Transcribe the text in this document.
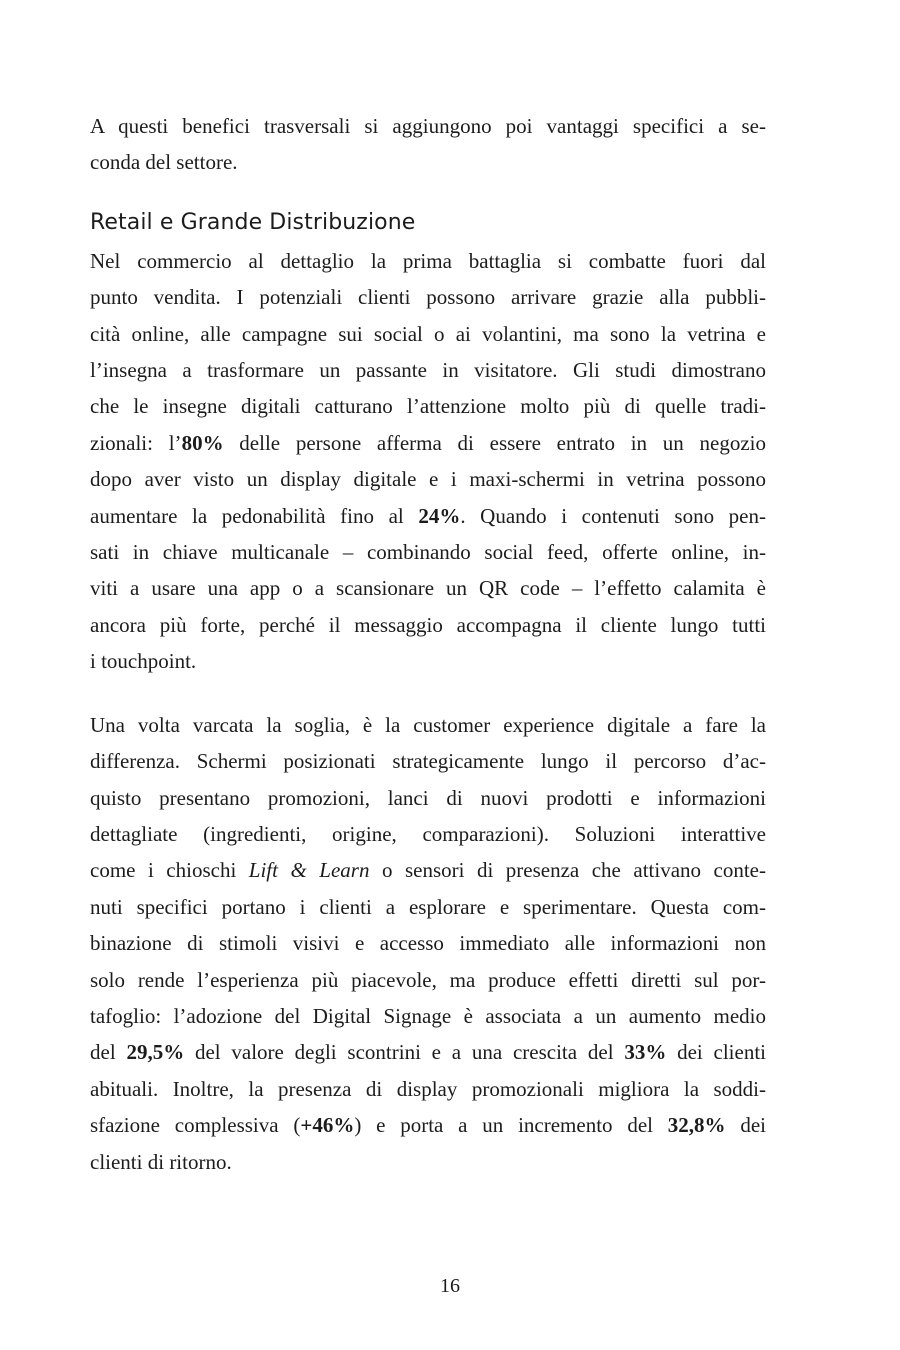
A questi benefici trasversali si aggiungono poi vantaggi specifici a se-
conda del settore.

Retail e Grande Distribuzione

Nel commercio al dettaglio la prima battaglia si combatte fuori dal
punto vendita. I potenziali clienti possono arrivare grazie alla pubbli-
cità online, alle campagne sui social o ai volantini, ma sono la vetrina e
l’insegna a trasformare un passante in visitatore. Gli studi dimostrano
che le insegne digitali catturano l’attenzione molto più di quelle tradi-
zionali: l’80% delle persone afferma di essere entrato in un negozio
dopo aver visto un display digitale e i maxi-schermi in vetrina possono
aumentare la pedonabilità fino al 24%. Quando i contenuti sono pen-
sati in chiave multicanale – combinando social feed, offerte online, in-
viti a usare una app o a scansionare un QR code – l’effetto calamita è
ancora più forte, perché il messaggio accompagna il cliente lungo tutti
i touchpoint.

Una volta varcata la soglia, è la customer experience digitale a fare la
differenza. Schermi posizionati strategicamente lungo il percorso d’ac-
quisto presentano promozioni, lanci di nuovi prodotti e informazioni
dettagliate (ingredienti, origine, comparazioni). Soluzioni interattive
come i chioschi Lift & Learn o sensori di presenza che attivano conte-
nuti specifici portano i clienti a esplorare e sperimentare. Questa com-
binazione di stimoli visivi e accesso immediato alle informazioni non
solo rende l’esperienza più piacevole, ma produce effetti diretti sul por-
tafoglio: l’adozione del Digital Signage è associata a un aumento medio
del 29,5% del valore degli scontrini e a una crescita del 33% dei clienti
abituali. Inoltre, la presenza di display promozionali migliora la soddi-
sfazione complessiva (+46%) e porta a un incremento del 32,8% dei
clienti di ritorno.

16
